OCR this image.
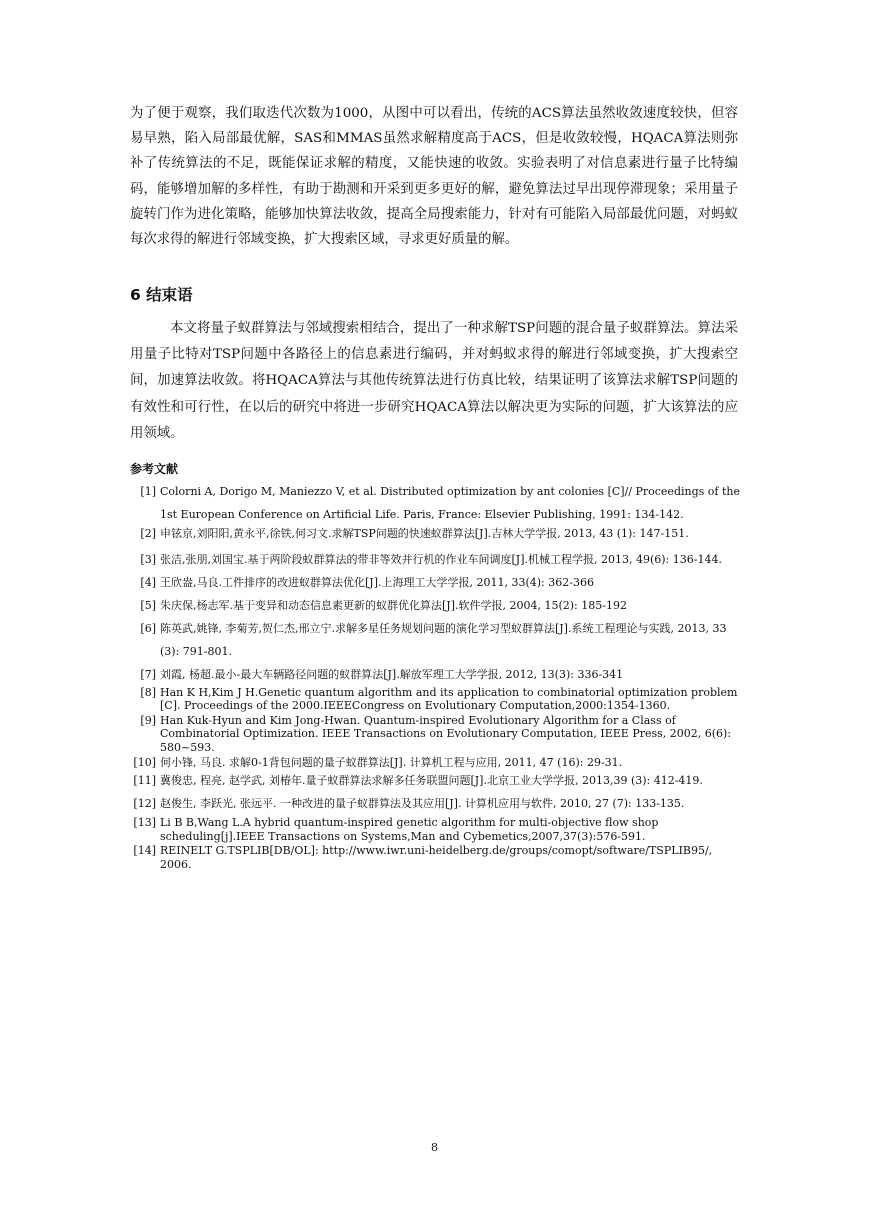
为了便于观察，我们取迭代次数为1000，从图中可以看出，传统的ACS算法虽然收敛速度较快，但容易早熟，陷入局部最优解，SAS和MMAS虽然求解精度高于ACS，但是收敛较慢，HQACA算法则弥补了传统算法的不足，既能保证求解的精度，又能快速的收敛。实验表明了对信息素进行量子比特编码，能够增加解的多样性，有助于勘测和开采到更多更好的解，避免算法过早出现停滞现象；采用量子旋转门作为进化策略，能够加快算法收敛，提高全局搜索能力，针对有可能陷入局部最优问题，对蚂蚁每次求得的解进行邻域变换，扩大搜索区域，寻求更好质量的解。

6 结束语

本文将量子蚁群算法与邻域搜索相结合，提出了一种求解TSP问题的混合量子蚁群算法。算法采用量子比特对TSP问题中各路径上的信息素进行编码，并对蚂蚁求得的解进行邻域变换，扩大搜索空间，加速算法收敛。将HQACA算法与其他传统算法进行仿真比较，结果证明了该算法求解TSP问题的有效性和可行性，在以后的研究中将进一步研究HQACA算法以解决更为实际的问题，扩大该算法的应用领域。

参考文献
[1] Colorni A, Dorigo M, Maniezzo V, et al. Distributed optimization by ant colonies [C]// Proceedings of the 1st European Conference on Artificial Life. Paris, France: Elsevier Publishing, 1991: 134-142.
[2] 申铉京,刘阳阳,黄永平,徐铁,何习文.求解TSP问题的快速蚁群算法[J].吉林大学学报, 2013, 43 (1): 147-151.
[3] 张洁,张朋,刘国宝.基于两阶段蚁群算法的带非等效并行机的作业车间调度[J].机械工程学报, 2013, 49(6): 136-144.
[4] 王欣盎,马良.工件排序的改进蚁群算法优化[J].上海理工大学学报, 2011, 33(4): 362-366
[5] 朱庆保,杨志军.基于变异和动态信息素更新的蚁群优化算法[J].软件学报, 2004, 15(2): 185-192
[6] 陈英武,姚锋, 李菊芳,贺仁杰,邢立宁.求解多星任务规划问题的演化学习型蚁群算法[J].系统工程理论与实践, 2013, 33 (3): 791-801.
[7] 刘霞, 杨超.最小-最大车辆路径问题的蚁群算法[J].解放军理工大学学报, 2012, 13(3): 336-341
[8] Han K H,Kim J H.Genetic quantum algorithm and its application to combinatorial optimization problem [C]. Proceedings of the 2000.IEEECongress on Evolutionary Computation,2000:1354-1360.
[9] Han Kuk-Hyun and Kim Jong-Hwan. Quantum-inspired Evolutionary Algorithm for a Class of Combinatorial Optimization. IEEE Transactions on Evolutionary Computation, IEEE Press, 2002, 6(6): 580~593.
[10] 何小锋, 马良. 求解0-1背包问题的量子蚁群算法[J]. 计算机工程与应用, 2011, 47 (16): 29-31.
[11] 冀俊忠, 程亮, 赵学武, 刘椿年.量子蚁群算法求解多任务联盟问题[J].北京工业大学学报, 2013,39 (3): 412-419.
[12] 赵俊生, 李跃光, 张远平. 一种改进的量子蚁群算法及其应用[J]. 计算机应用与软件, 2010, 27 (7): 133-135.
[13] Li B B,Wang L.A hybrid quantum-inspired genetic algorithm for multi-objective flow shop scheduling[j].IEEE Transactions on Systems,Man and Cybemetics,2007,37(3):576-591.
[14] REINELT G.TSPLIB[DB/OL]: http://www.iwr.uni-heidelberg.de/groups/comopt/software/TSPLIB95/, 2006.

8
